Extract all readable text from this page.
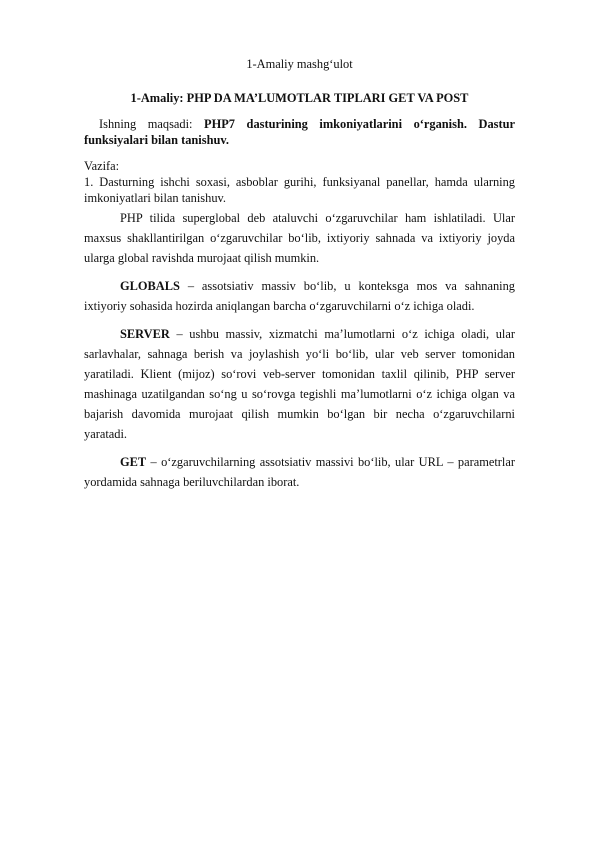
1-Amaliy mashg‘ulot

1-Amaliy: PHP DA MA’LUMOTLAR TIPLARI GET VA POST

Ishning maqsadi: PHP7 dasturining imkoniyatlarini o‘rganish. Dastur funksiyalari bilan tanishuv.

Vazifa:

1. Dasturning ishchi soxasi, asboblar gurihi, funksiyanal panellar, hamda ularning imkoniyatlari bilan tanishuv.

PHP tilida superglobal deb ataluvchi o‘zgaruvchilar ham ishlatiladi. Ular maxsus shakllantirilgan o‘zgaruvchilar bo‘lib, ixtiyoriy sahnada va ixtiyoriy joyda ularga global ravishda murojaat qilish mumkin.

GLOBALS – assotsiativ massiv bo‘lib, u konteksga mos va sahnaning ixtiyoriy sohasida hozirda aniqlangan barcha o‘zgaruvchilarni o‘z ichiga oladi.

SERVER – ushbu massiv, xizmatchi ma’lumotlarni o‘z ichiga oladi, ular sarlavhalar, sahnaga berish va joylashish yo‘li bo‘lib, ular veb server tomonidan yaratiladi. Klient (mijoz) so‘rovi veb-server tomonidan taxlil qilinib, PHP server mashinaga uzatilgandan so‘ng u so‘rovga tegishli ma’lumotlarni o‘z ichiga olgan va bajarish davomida murojaat qilish mumkin bo‘lgan bir necha o‘zgaruvchilarni yaratadi.

GET – o‘zgaruvchilarning assotsiativ massivi bo‘lib, ular URL – parametrlar yordamida sahnaga beriluvchilardan iborat.
